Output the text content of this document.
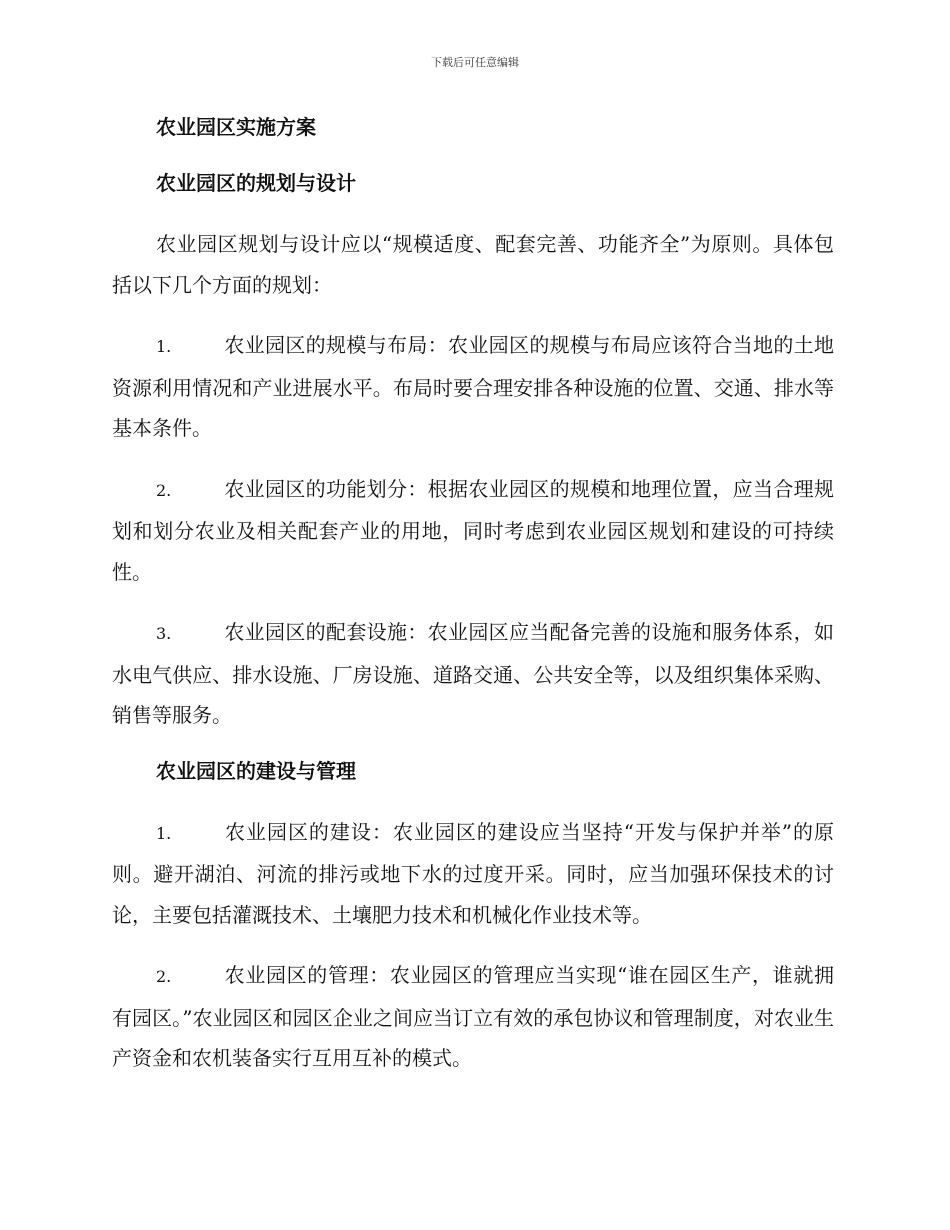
下载后可任意编辑
农业园区实施方案
农业园区的规划与设计

农业园区规划与设计应以“规模适度、配套完善、功能齐全”为原则。具体包括以下几个方面的规划：

1.	农业园区的规模与布局：农业园区的规模与布局应该符合当地的土地资源利用情况和产业进展水平。布局时要合理安排各种设施的位置、交通、排水等基本条件。

2.	农业园区的功能划分：根据农业园区的规模和地理位置，应当合理规划和划分农业及相关配套产业的用地，同时考虑到农业园区规划和建设的可持续性。

3.	农业园区的配套设施：农业园区应当配备完善的设施和服务体系，如水电气供应、排水设施、厂房设施、道路交通、公共安全等，以及组织集体采购、销售等服务。

农业园区的建设与管理

1.	农业园区的建设：农业园区的建设应当坚持“开发与保护并举”的原则。避开湖泊、河流的排污或地下水的过度开采。同时，应当加强环保技术的讨论，主要包括灌溉技术、土壤肥力技术和机械化作业技术等。

2.	农业园区的管理：农业园区的管理应当实现“谁在园区生产，谁就拥有园区。”农业园区和园区企业之间应当订立有效的承包协议和管理制度，对农业生产资金和农机装备实行互用互补的模式。
